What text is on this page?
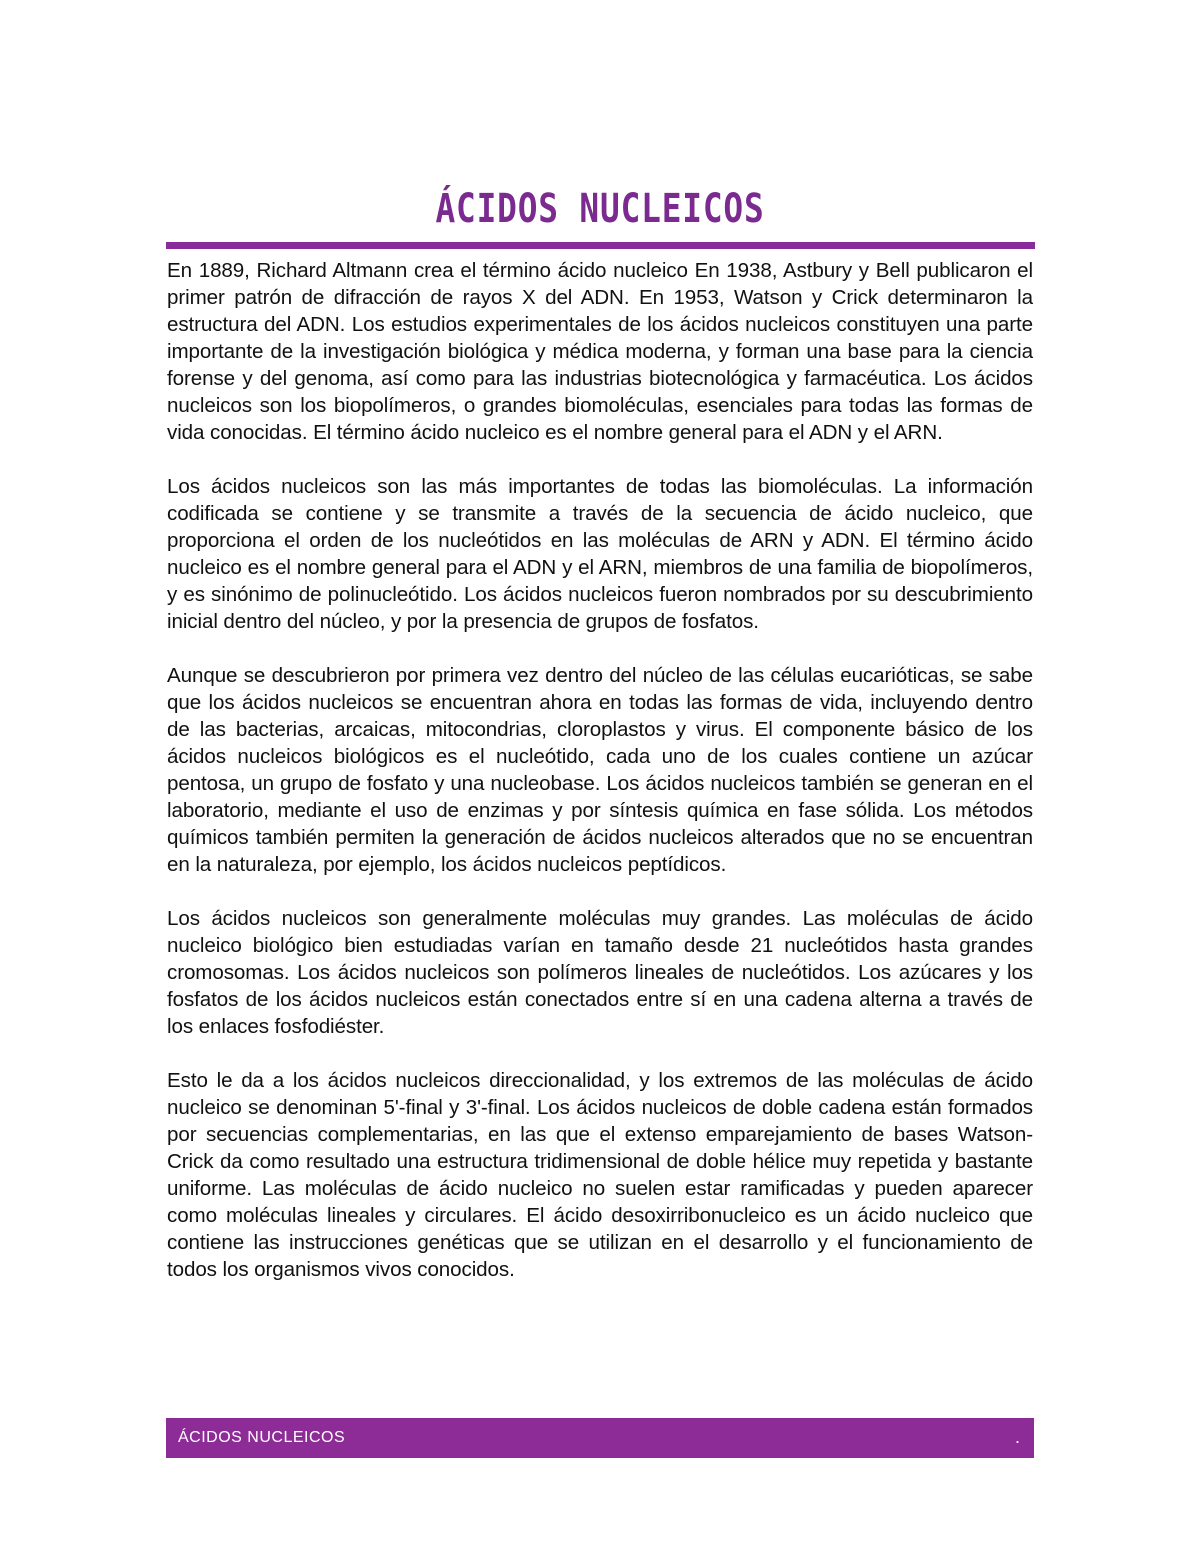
ÁCIDOS NUCLEICOS

En 1889, Richard Altmann crea el término ácido nucleico En 1938, Astbury y Bell publicaron el primer patrón de difracción de rayos X del ADN. En 1953, Watson y Crick determinaron la estructura del ADN. Los estudios experimentales de los ácidos nucleicos constituyen una parte importante de la investigación biológica y médica moderna, y forman una base para la ciencia forense y del genoma, así como para las industrias biotecnológica y farmacéutica. Los ácidos nucleicos son los biopolímeros, o grandes biomoléculas, esenciales para todas las formas de vida conocidas. El término ácido nucleico es el nombre general para el ADN y el ARN.

Los ácidos nucleicos son las más importantes de todas las biomoléculas. La información codificada se contiene y se transmite a través de la secuencia de ácido nucleico, que proporciona el orden de los nucleótidos en las moléculas de ARN y ADN. El término ácido nucleico es el nombre general para el ADN y el ARN, miembros de una familia de biopolímeros, y es sinónimo de polinucleótido. Los ácidos nucleicos fueron nombrados por su descubrimiento inicial dentro del núcleo, y por la presencia de grupos de fosfatos.

Aunque se descubrieron por primera vez dentro del núcleo de las células eucarióticas, se sabe que los ácidos nucleicos se encuentran ahora en todas las formas de vida, incluyendo dentro de las bacterias, arcaicas, mitocondrias, cloroplastos y virus. El componente básico de los ácidos nucleicos biológicos es el nucleótido, cada uno de los cuales contiene un azúcar pentosa, un grupo de fosfato y una nucleobase. Los ácidos nucleicos también se generan en el laboratorio, mediante el uso de enzimas y por síntesis química en fase sólida. Los métodos químicos también permiten la generación de ácidos nucleicos alterados que no se encuentran en la naturaleza, por ejemplo, los ácidos nucleicos peptídicos.

Los ácidos nucleicos son generalmente moléculas muy grandes. Las moléculas de ácido nucleico biológico bien estudiadas varían en tamaño desde 21 nucleótidos hasta grandes cromosomas. Los ácidos nucleicos son polímeros lineales de nucleótidos. Los azúcares y los fosfatos de los ácidos nucleicos están conectados entre sí en una cadena alterna a través de los enlaces fosfodiéster.

Esto le da a los ácidos nucleicos direccionalidad, y los extremos de las moléculas de ácido nucleico se denominan 5'-final y 3'-final. Los ácidos nucleicos de doble cadena están formados por secuencias complementarias, en las que el extenso emparejamiento de bases Watson-Crick da como resultado una estructura tridimensional de doble hélice muy repetida y bastante uniforme. Las moléculas de ácido nucleico no suelen estar ramificadas y pueden aparecer como moléculas lineales y circulares. El ácido desoxirribonucleico es un ácido nucleico que contiene las instrucciones genéticas que se utilizan en el desarrollo y el funcionamiento de todos los organismos vivos conocidos.

ÁCIDOS NUCLEICOS	.
